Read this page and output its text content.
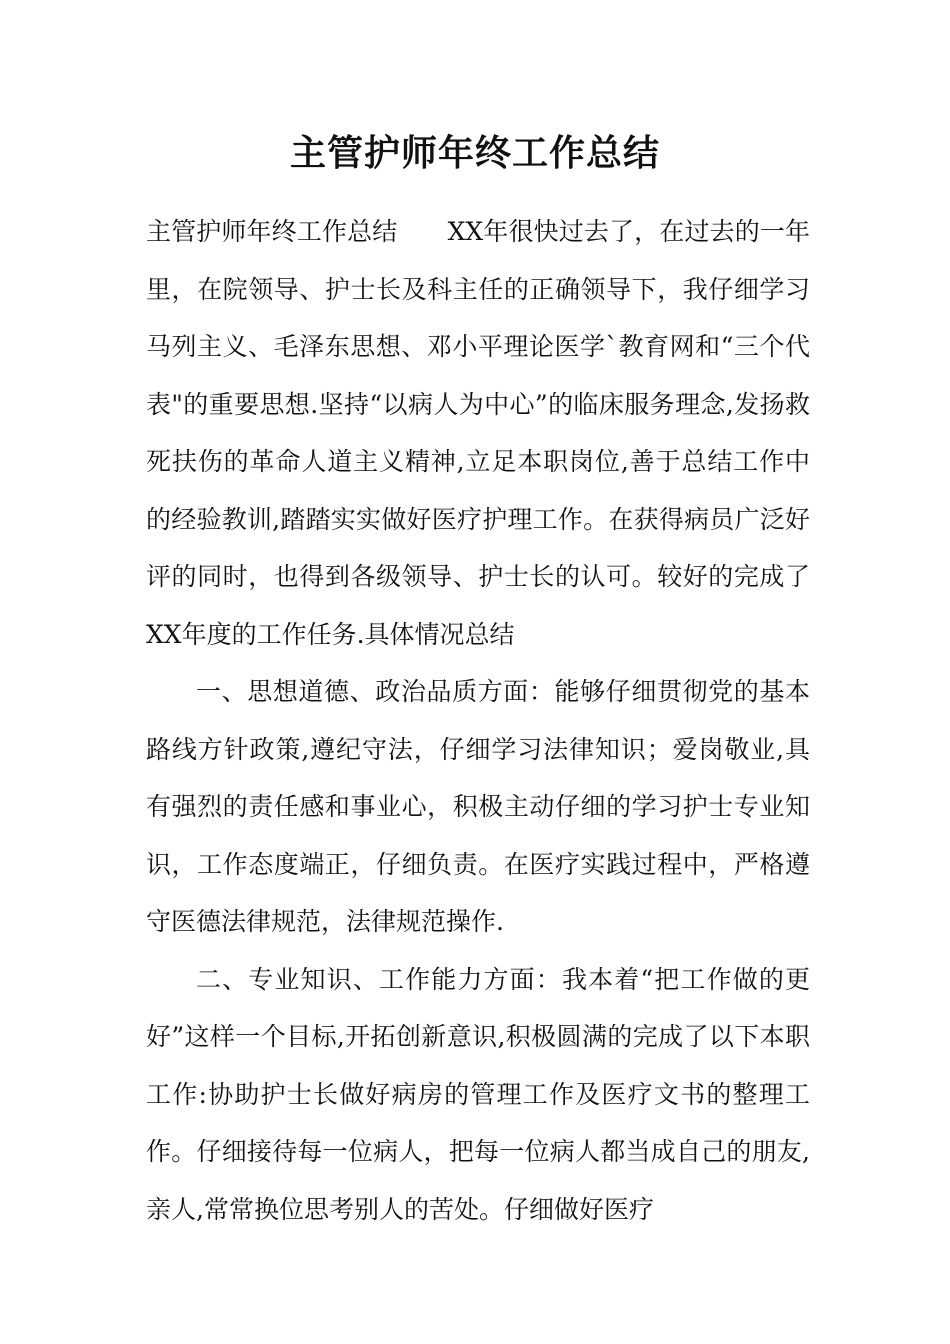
主管护师年终工作总结

主管护师年终工作总结　　XX年很快过去了，在过去的一年里，在院领导、护士长及科主任的正确领导下，我仔细学习马列主义、毛泽东思想、邓小平理论医学`教育网和“三个代表"的重要思想.坚持“以病人为中心”的临床服务理念,发扬救死扶伤的革命人道主义精神,立足本职岗位,善于总结工作中的经验教训,踏踏实实做好医疗护理工作。在获得病员广泛好评的同时，也得到各级领导、护士长的认可。较好的完成了XX年度的工作任务.具体情况总结

一、思想道德、政治品质方面：能够仔细贯彻党的基本路线方针政策,遵纪守法，仔细学习法律知识；爱岗敬业,具有强烈的责任感和事业心，积极主动仔细的学习护士专业知识，工作态度端正，仔细负责。在医疗实践过程中，严格遵守医德法律规范，法律规范操作.

二、专业知识、工作能力方面：我本着“把工作做的更好”这样一个目标,开拓创新意识,积极圆满的完成了以下本职工作:协助护士长做好病房的管理工作及医疗文书的整理工作。仔细接待每一位病人，把每一位病人都当成自己的朋友,亲人,常常换位思考别人的苦处。仔细做好医疗
